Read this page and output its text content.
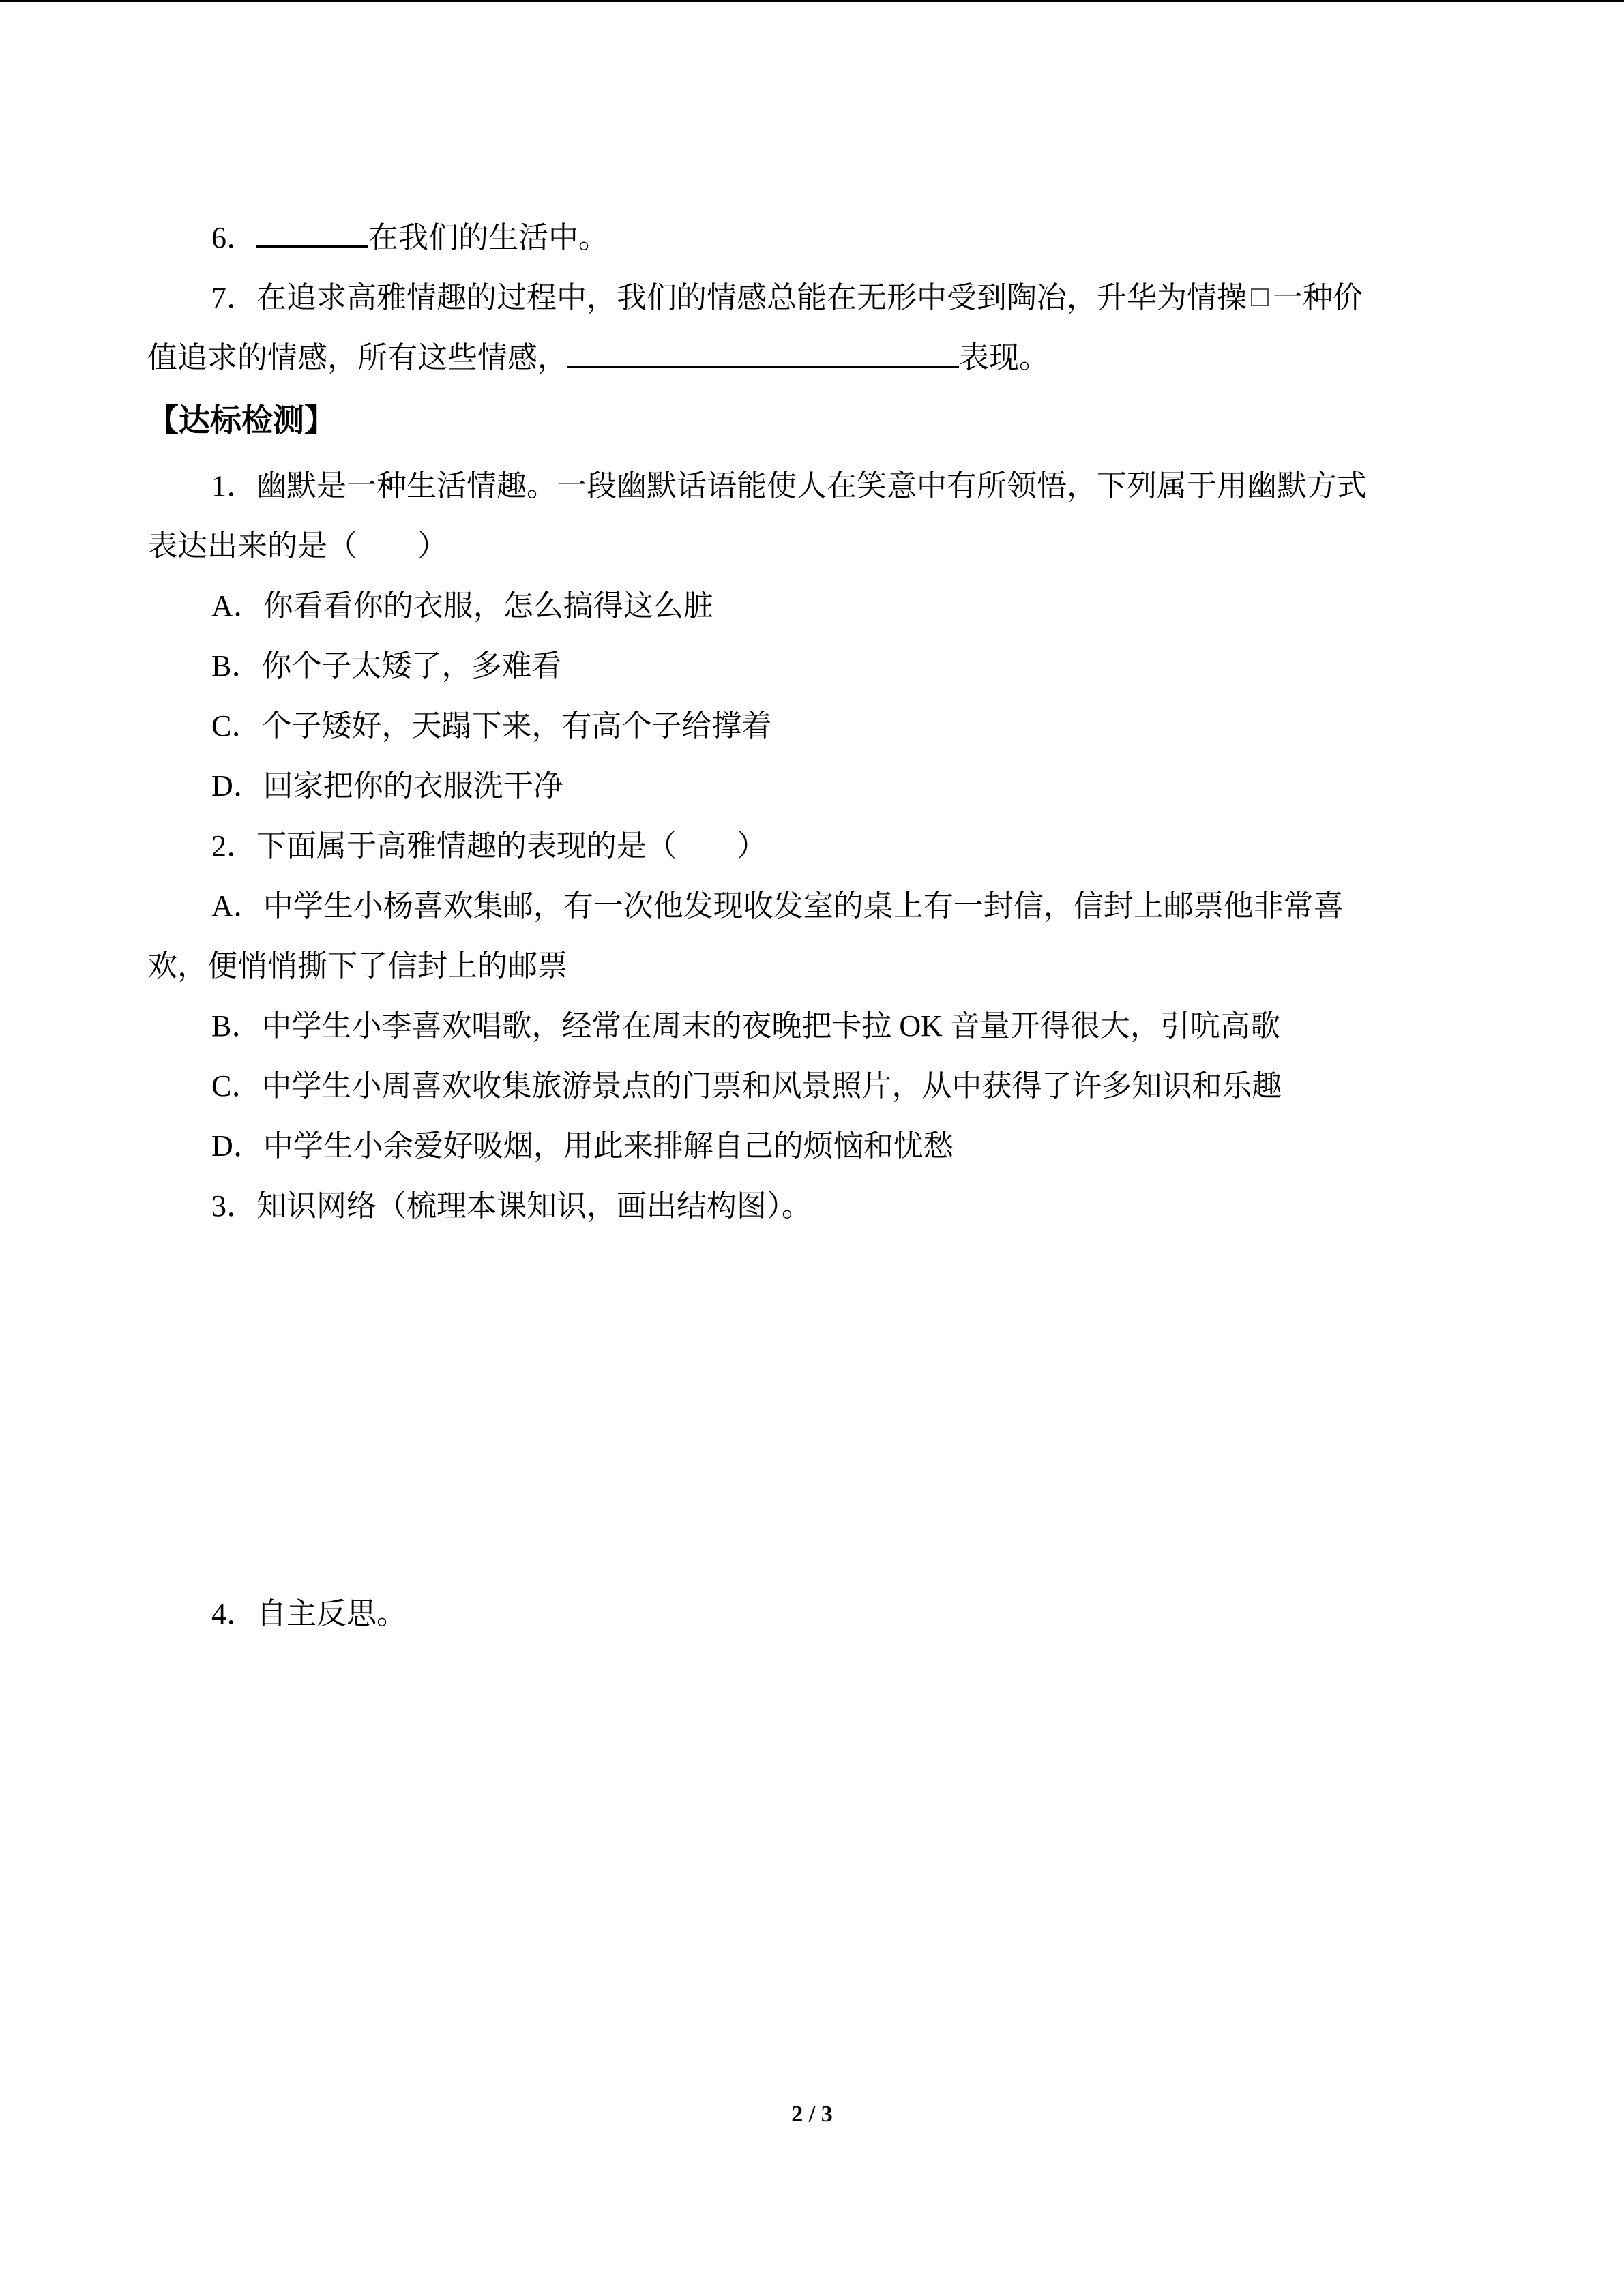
6．	在我们的生活中。
7．在追求高雅情趣的过程中，我们的情感总能在无形中受到陶冶，升华为情操 一种价
值追求的情感，所有这些情感，	表现。
【达标检测】
1．幽默是一种生活情趣。一段幽默话语能使人在笑意中有所领悟，下列属于用幽默方式
表达出来的是（　　）
A．你看看你的衣服，怎么搞得这么脏
B．你个子太矮了，多难看
C．个子矮好，天蹋下来，有高个子给撑着
D．回家把你的衣服洗干净
2．下面属于高雅情趣的表现的是（　　）
A．中学生小杨喜欢集邮，有一次他发现收发室的桌上有一封信，信封上邮票他非常喜
欢，便悄悄撕下了信封上的邮票
B．中学生小李喜欢唱歌，经常在周末的夜晚把卡拉 OK 音量开得很大，引吭高歌
C．中学生小周喜欢收集旅游景点的门票和风景照片，从中获得了许多知识和乐趣
D．中学生小余爱好吸烟，用此来排解自己的烦恼和忧愁
3．知识网络（梳理本课知识，画出结构图）。
4．自主反思。
2 / 3
